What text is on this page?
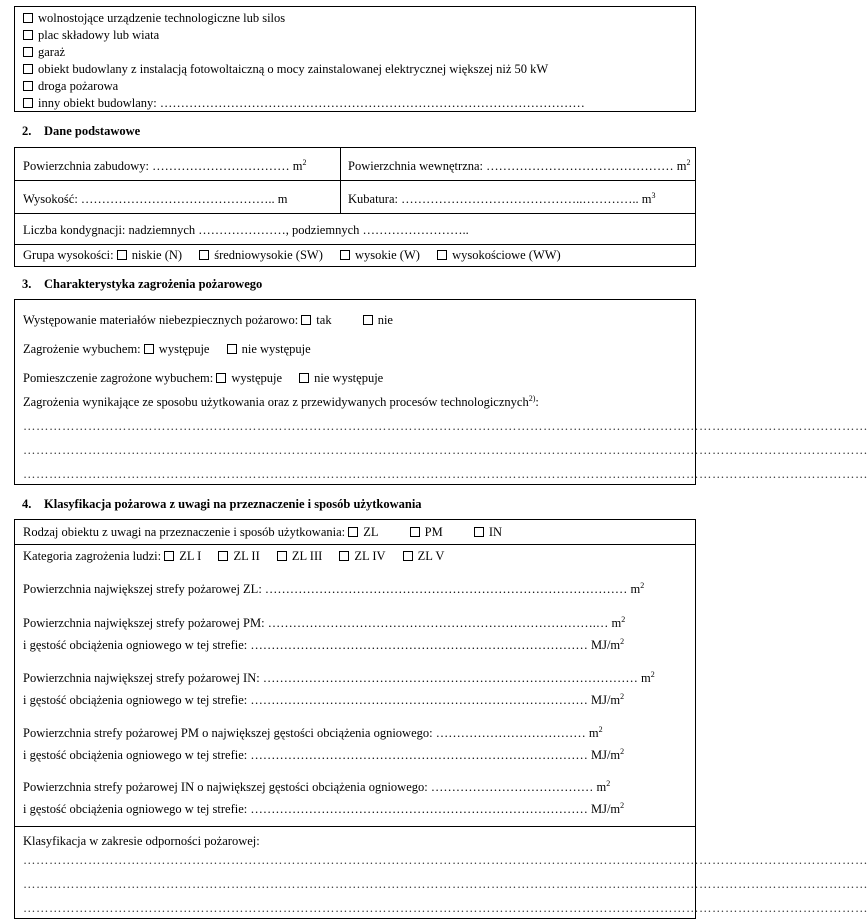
wolnostojące urządzenie technologiczne lub silos
plac składowy lub wiata
garaż
obiekt budowlany z instalacją fotowoltaiczną o mocy zainstalowanej elektrycznej większej niż 50 kW
droga pożarowa
inny obiekt budowlany: …………………………………………………………………………………………
2. Dane podstawowe
Powierzchnia zabudowy: …………………………… $m^2$	Powierzchnia wewnętrzna: ……………………………………… $m^2$
Wysokość: ……………………………………….. m	Kubatura: ……………………………………..………….. $m^3$
Liczba kondygnacji: nadziemnych …………………, podziemnych ……………………..
Grupa wysokości: niskie (N)	średniowysokie (SW)	wysokie (W)	wysokościowe (WW)
3. Charakterystyka zagrożenia pożarowego
Występowanie materiałów niebezpiecznych pożarowo: tak	nie
Zagrożenie wybuchem: występuje	nie występuje
Pomieszczenie zagrożone wybuchem: występuje	nie występuje
Zagrożenia wynikające ze sposobu użytkowania oraz z przewidywanych procesów technologicznych$^{2)}$:
……………………………………………………………………………………………………………………………………………………………………………
……………………………………………………………………………………………………………………………………………………………………………
……………………………………………………………………………………………………………………………………………………………………………
4. Klasyfikacja pożarowa z uwagi na przeznaczenie i sposób użytkowania
Rodzaj obiektu z uwagi na przeznaczenie i sposób użytkowania: ZL	PM	IN
Kategoria zagrożenia ludzi: ZL I	ZL II	ZL III	ZL IV	ZL V
Powierzchnia największej strefy pożarowej ZL: …………………………………………………………………………… $m^2$
Powierzchnia największej strefy pożarowej PM: …………………………………………………………………….… $m^2$
i gęstość obciążenia ogniowego w tej strefie: ……………………………………………………………………… $MJ/m^2$
Powierzchnia największej strefy pożarowej IN: ……………………………………………………………………………… $m^2$
i gęstość obciążenia ogniowego w tej strefie: ……………………………………………………………………… $MJ/m^2$
Powierzchnia strefy pożarowej PM o największej gęstości obciążenia ogniowego: ……………………………… $m^2$
i gęstość obciążenia ogniowego w tej strefie: ……………………………………………………………………… $MJ/m^2$
Powierzchnia strefy pożarowej IN o największej gęstości obciążenia ogniowego: ………………………………… $m^2$
i gęstość obciążenia ogniowego w tej strefie: ……………………………………………………………………… $MJ/m^2$
Klasyfikacja w zakresie odporności pożarowej:
……………………………………………………………………………………………………………………………………………………………………………
……………………………………………………………………………………………………………………………………………………………………………
……………………………………………………………………………………………………………………………………………………………………………
